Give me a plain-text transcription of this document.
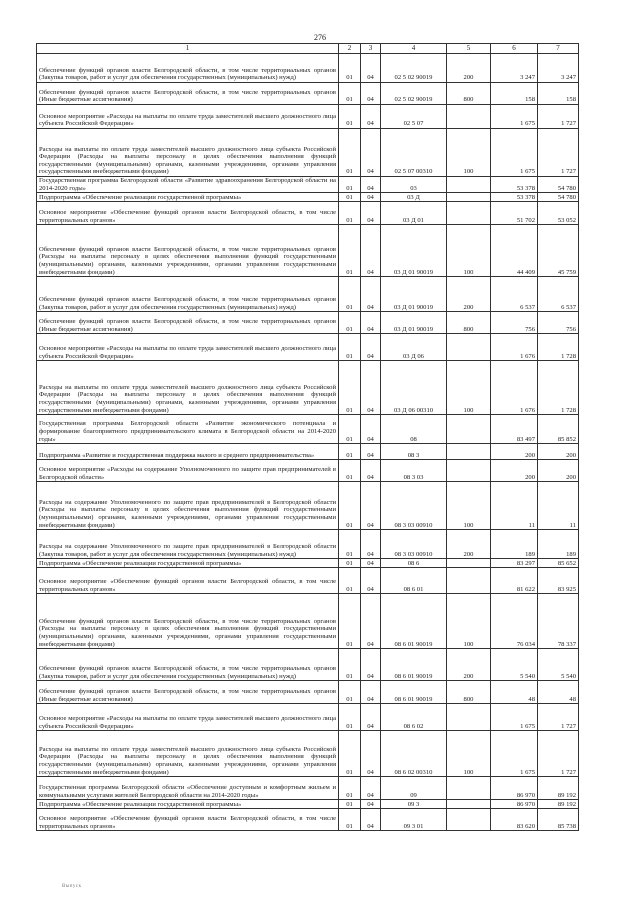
276
1	2	3	4	5	6	7
Обеспечение функций органов власти Белгородской области, в том числе территориальных органов (Закупка товаров, работ и услуг для обеспечения государственных (муниципальных) нужд)	01	04	02 5 02 90019	200	3 247	3 247
Обеспечение функций органов власти Белгородской области, в том числе территориальных органов (Иные бюджетные ассигнования)	01	04	02 5 02 90019	800	158	158
Основное мероприятие «Расходы на выплаты по оплате труда заместителей высшего должностного лица субъекта Российской Федерации»	01	04	02 5 07		1 675	1 727
Расходы на выплаты по оплате труда заместителей высшего должностного лица субъекта Российской Федерации (Расходы на выплаты персоналу в целях обеспечения выполнения функций государственными (муниципальными) органами, казенными учреждениями, органами управления государственными внебюджетными фондами)	01	04	02 5 07 00310	100	1 675	1 727
Государственная программа Белгородской области «Развитие здравоохранения Белгородской области на 2014-2020 годы»	01	04	03		53 378	54 780
Подпрограмма «Обеспечение реализации государственной программы»	01	04	03 Д		53 378	54 780
Основное мероприятие «Обеспечение функций органов власти Белгородской области, в том числе территориальных органов»	01	04	03 Д 01		51 702	53 052
Обеспечение функций органов власти Белгородской области, в том числе территориальных органов (Расходы на выплаты персоналу в целях обеспечения выполнения функций государственными (муниципальными) органами, казенными учреждениями, органами управления государственными внебюджетными фондами)	01	04	03 Д 01 90019	100	44 409	45 759
Обеспечение функций органов власти Белгородской области, в том числе территориальных органов (Закупка товаров, работ и услуг для обеспечения государственных (муниципальных) нужд)	01	04	03 Д 01 90019	200	6 537	6 537
Обеспечение функций органов власти Белгородской области, в том числе территориальных органов (Иные бюджетные ассигнования)	01	04	03 Д 01 90019	800	756	756
Основное мероприятие «Расходы на выплаты по оплате труда заместителей высшего должностного лица субъекта Российской Федерации»	01	04	03 Д 06		1 676	1 728
Расходы на выплаты по оплате труда заместителей высшего должностного лица субъекта Российской Федерации (Расходы на выплаты персоналу в целях обеспечения выполнения функций государственными (муниципальными) органами, казенными учреждениями, органами управления государственными внебюджетными фондами)	01	04	03 Д 06 00310	100	1 676	1 728
Государственная программа Белгородской области «Развитие экономического потенциала и формирование благоприятного предпринимательского климата в Белгородской области на 2014-2020 годы»	01	04	08		83 497	85 852
Подпрограмма «Развитие и государственная поддержка малого и среднего предпринимательства»	01	04	08 3		200	200
Основное мероприятие «Расходы на содержание Уполномоченного по защите прав предпринимателей в Белгородской области»	01	04	08 3 03		200	200
Расходы на содержание Уполномоченного по защите прав предпринимателей в Белгородской области (Расходы на выплаты персоналу в целях обеспечения выполнения функций государственными (муниципальными) органами, казенными учреждениями, органами управления государственными внебюджетными фондами)	01	04	08 3 03 00910	100	11	11
Расходы на содержание Уполномоченного по защите прав предпринимателей в Белгородской области (Закупка товаров, работ и услуг для обеспечения государственных (муниципальных) нужд)	01	04	08 3 03 00910	200	189	189
Подпрограмма «Обеспечение реализации государственной программы»	01	04	08 6		83 297	85 652
Основное мероприятие «Обеспечение функций органов власти Белгородской области, в том числе территориальных органов»	01	04	08 6 01		81 622	83 925
Обеспечение функций органов власти Белгородской области, в том числе территориальных органов (Расходы на выплаты персоналу в целях обеспечения выполнения функций государственными (муниципальными) органами, казенными учреждениями, органами управления государственными внебюджетными фондами)	01	04	08 6 01 90019	100	76 034	78 337
Обеспечение функций органов власти Белгородской области, в том числе территориальных органов (Закупка товаров, работ и услуг для обеспечения государственных (муниципальных) нужд)	01	04	08 6 01 90019	200	5 540	5 540
Обеспечение функций органов власти Белгородской области, в том числе территориальных органов (Иные бюджетные ассигнования)	01	04	08 6 01 90019	800	48	48
Основное мероприятие «Расходы на выплаты по оплате труда заместителей высшего должностного лица субъекта Российской Федерации»	01	04	08 6 02		1 675	1 727
Расходы на выплаты по оплате труда заместителей высшего должностного лица субъекта Российской Федерации (Расходы на выплаты персоналу в целях обеспечения выполнения функций государственными (муниципальными) органами, казенными учреждениями, органами управления государственными внебюджетными фондами)	01	04	08 6 02 00310	100	1 675	1 727
Государственная программа Белгородской области «Обеспечение доступным и комфортным жильем и коммунальными услугами жителей Белгородской области на 2014-2020 годы»	01	04	09		86 970	89 192
Подпрограмма «Обеспечение реализации государственной программы»	01	04	09 3		86 970	89 192
Основное мероприятие «Обеспечение функций органов власти Белгородской области, в том числе территориальных органов»	01	04	09 3 01		83 620	85 738
Выпуск
